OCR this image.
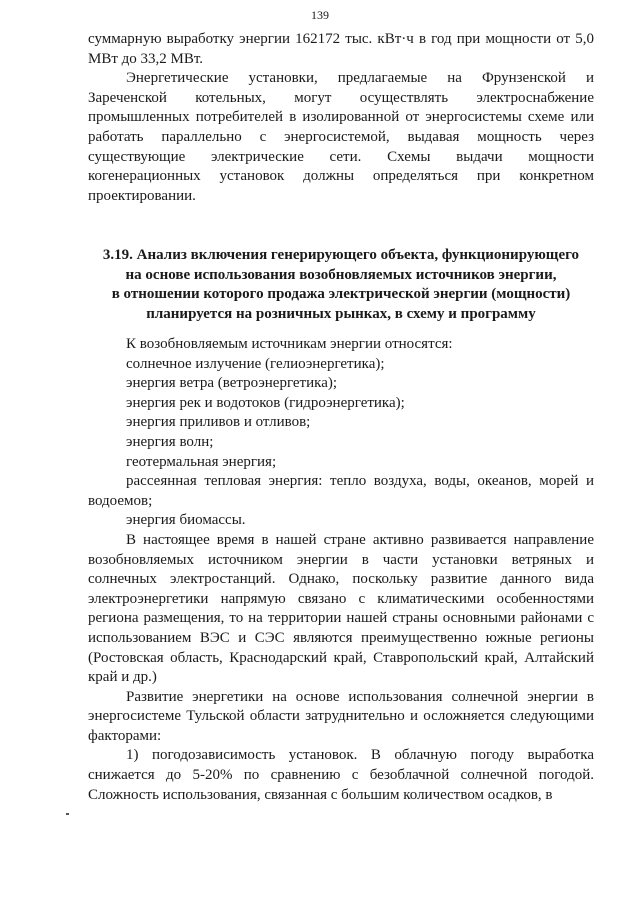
139

суммарную выработку энергии 162172 тыс. кВт·ч в год при мощности от 5,0 МВт до 33,2 МВт.

Энергетические установки, предлагаемые на Фрунзенской и Зареченской котельных, могут осуществлять электроснабжение промышленных потребителей в изолированной от энергосистемы схеме или работать параллельно с энергосистемой, выдавая мощность через существующие электрические сети. Схемы выдачи мощности когенерационных установок должны определяться при конкретном проектировании.

3.19. Анализ включения генерирующего объекта, функционирующего
на основе использования возобновляемых источников энергии,
в отношении которого продажа электрической энергии (мощности)
планируется на розничных рынках, в схему и программу

К возобновляемым источникам энергии относятся:

солнечное излучение (гелиоэнергетика);

энергия ветра (ветроэнергетика);

энергия рек и водотоков (гидроэнергетика);

энергия приливов и отливов;

энергия волн;

геотермальная энергия;

рассеянная тепловая энергия: тепло воздуха, воды, океанов, морей и водоемов;

энергия биомассы.

В настоящее время в нашей стране активно развивается направление возобновляемых источником энергии в части установки ветряных и солнечных электростанций. Однако, поскольку развитие данного вида электроэнергетики напрямую связано с климатическими особенностями региона размещения, то на территории нашей страны основными районами с использованием ВЭС и СЭС являются преимущественно южные регионы (Ростовская область, Краснодарский край, Ставропольский край, Алтайский край и др.)

Развитие энергетики на основе использования солнечной энергии в энергосистеме Тульской области затруднительно и осложняется следующими факторами:

1) погодозависимость установок. В облачную погоду выработка снижается до 5-20% по сравнению с безоблачной солнечной погодой. Сложность использования, связанная с большим количеством осадков, в
